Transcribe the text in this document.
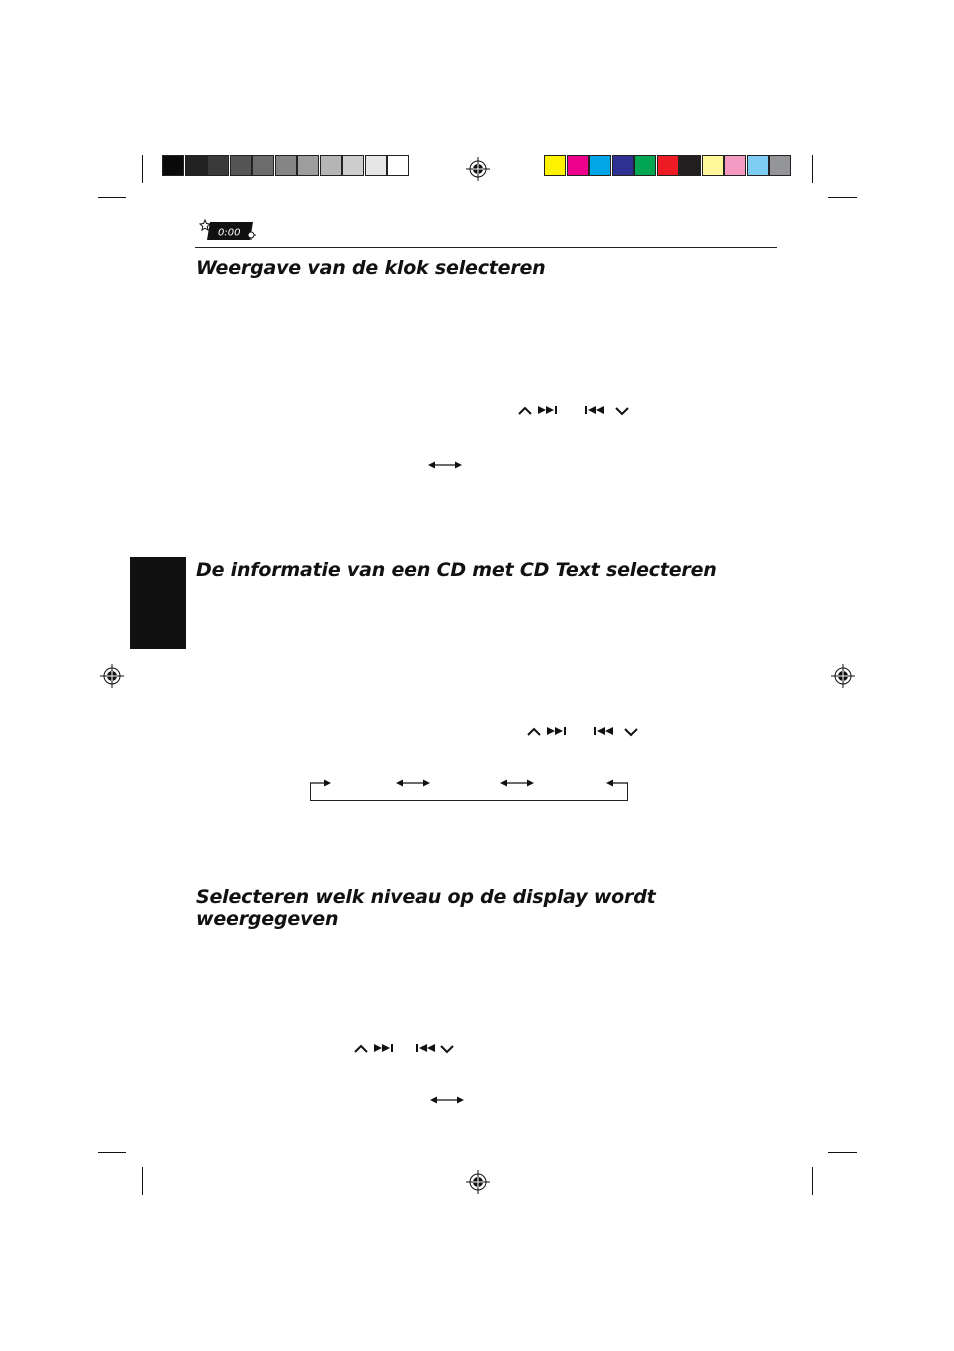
0:00
Weergave van de klok selecteren
De informatie van een CD met CD Text selecteren
Selecteren welk niveau op de display wordt weergegeven
